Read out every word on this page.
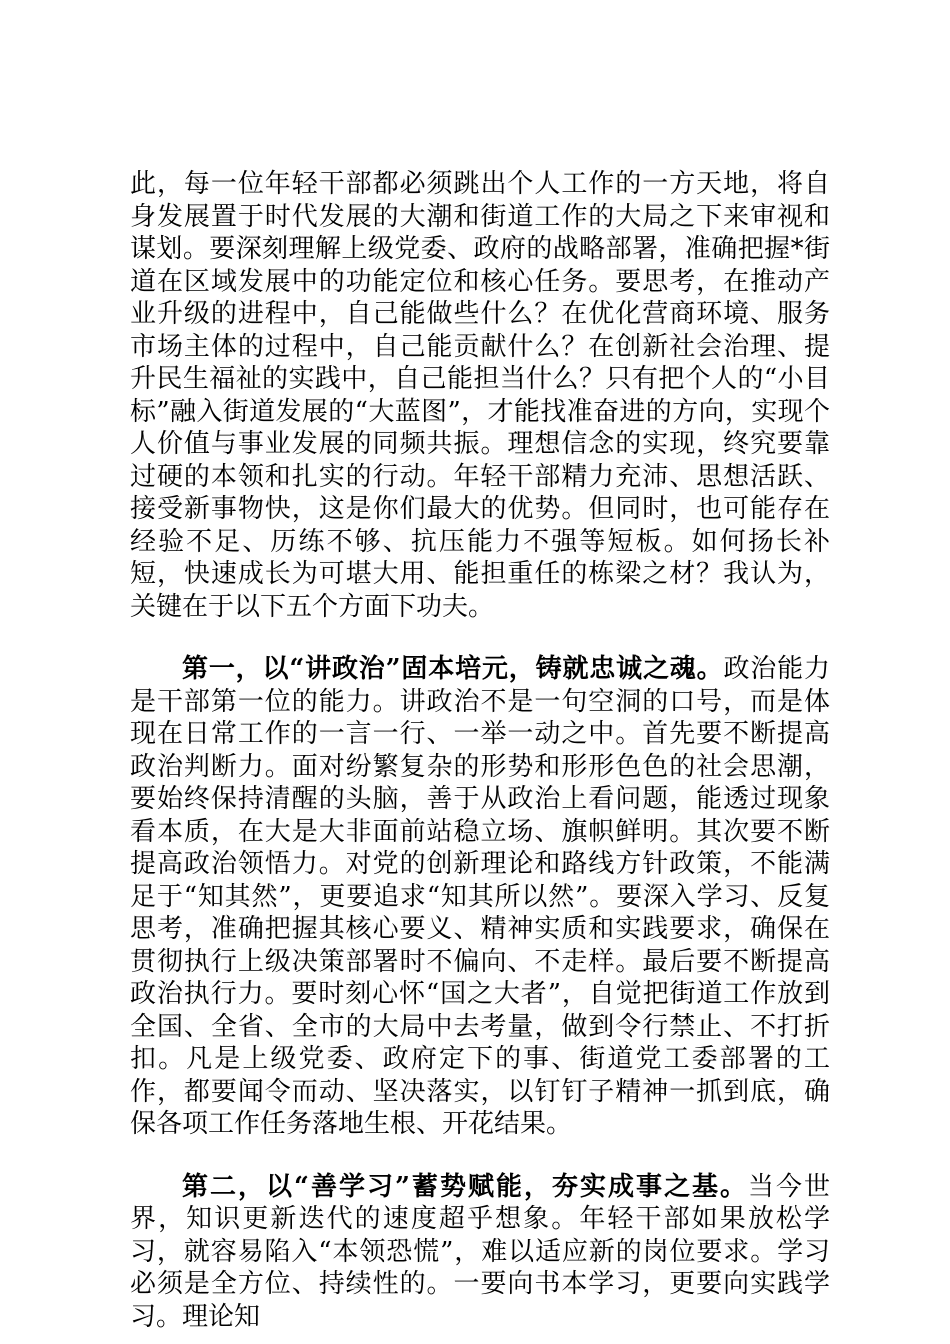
此，每一位年轻干部都必须跳出个人工作的一方天地，将自身发展置于时代发展的大潮和街道工作的大局之下来审视和谋划。要深刻理解上级党委、政府的战略部署，准确把握*街道在区域发展中的功能定位和核心任务。要思考，在推动产业升级的进程中，自己能做些什么？在优化营商环境、服务市场主体的过程中，自己能贡献什么？在创新社会治理、提升民生福祉的实践中，自己能担当什么？只有把个人的“小目标”融入街道发展的“大蓝图”，才能找准奋进的方向，实现个人价值与事业发展的同频共振。理想信念的实现，终究要靠过硬的本领和扎实的行动。年轻干部精力充沛、思想活跃、接受新事物快，这是你们最大的优势。但同时，也可能存在经验不足、历练不够、抗压能力不强等短板。如何扬长补短，快速成长为可堪大用、能担重任的栋梁之材？我认为，关键在于以下五个方面下功夫。

第一，以“讲政治”固本培元，铸就忠诚之魂。政治能力是干部第一位的能力。讲政治不是一句空洞的口号，而是体现在日常工作的一言一行、一举一动之中。首先要不断提高政治判断力。面对纷繁复杂的形势和形形色色的社会思潮，要始终保持清醒的头脑，善于从政治上看问题，能透过现象看本质，在大是大非面前站稳立场、旗帜鲜明。其次要不断提高政治领悟力。对党的创新理论和路线方针政策，不能满足于“知其然”，更要追求“知其所以然”。要深入学习、反复思考，准确把握其核心要义、精神实质和实践要求，确保在贯彻执行上级决策部署时不偏向、不走样。最后要不断提高政治执行力。要时刻心怀“国之大者”，自觉把街道工作放到全国、全省、全市的大局中去考量，做到令行禁止、不打折扣。凡是上级党委、政府定下的事、街道党工委部署的工作，都要闻令而动、坚决落实，以钉钉子精神一抓到底，确保各项工作任务落地生根、开花结果。

第二，以“善学习”蓄势赋能，夯实成事之基。当今世界，知识更新迭代的速度超乎想象。年轻干部如果放松学习，就容易陷入“本领恐慌”，难以适应新的岗位要求。学习必须是全方位、持续性的。一要向书本学习，更要向实践学习。理论知
